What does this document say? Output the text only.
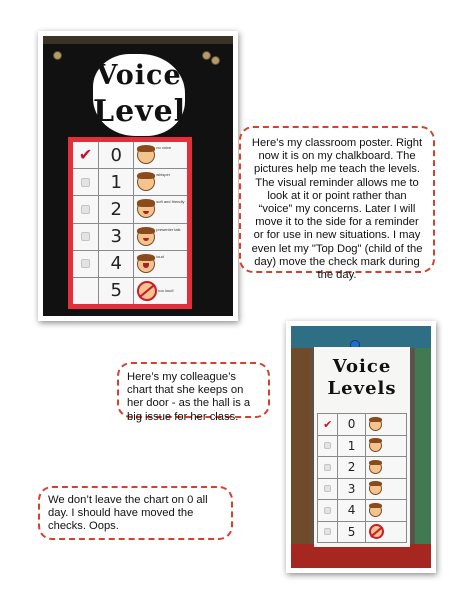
Voice
Level
✔	0	no voice
1	whisper
2	soft and friendly
3	presenter talk
4	loud
5	too loud!
Here’s my classroom poster. Right now it is on my chalkboard. The pictures help me teach the levels. The visual reminder allows me to look at it or point rather than “voice” my concerns. Later I will move it to the side for a reminder or for use in new situations. I may even let my "Top Dog" (child of the day) move the check mark during the day.
Here’s my colleague’s chart that she keeps on her door - as the hall is a big issue for her class.
Voice
Levels
✔	0
1
2
3
4
5
We don’t leave the chart on 0 all day. I should have moved the checks. Oops.
